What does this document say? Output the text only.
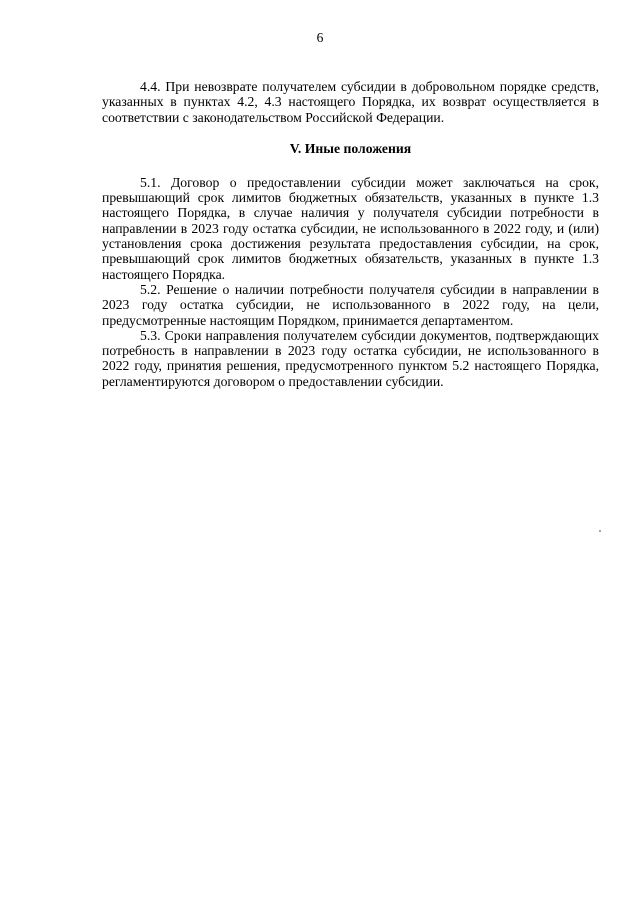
6

4.4. При невозврате получателем субсидии в добровольном порядке средств, указанных в пунктах 4.2, 4.3 настоящего Порядка, их возврат осуществляется в соответствии с законодательством Российской Федерации.

V. Иные положения

5.1. Договор о предоставлении субсидии может заключаться на срок, превышающий срок лимитов бюджетных обязательств, указанных в пункте 1.3 настоящего Порядка, в случае наличия у получателя субсидии потребности в направлении в 2023 году остатка субсидии, не использованного в 2022 году, и (или) установления срока достижения результата предоставления субсидии, на срок, превышающий срок лимитов бюджетных обязательств, указанных в пункте 1.3 настоящего Порядка.

5.2. Решение о наличии потребности получателя субсидии в направлении в 2023 году остатка субсидии, не использованного в 2022 году, на цели, предусмотренные настоящим Порядком, принимается департаментом.

5.3. Сроки направления получателем субсидии документов, подтверждающих потребность в направлении в 2023 году остатка субсидии, не использованного в 2022 году, принятия решения, предусмотренного пунктом 5.2 настоящего Порядка, регламентируются договором о предоставлении субсидии.
